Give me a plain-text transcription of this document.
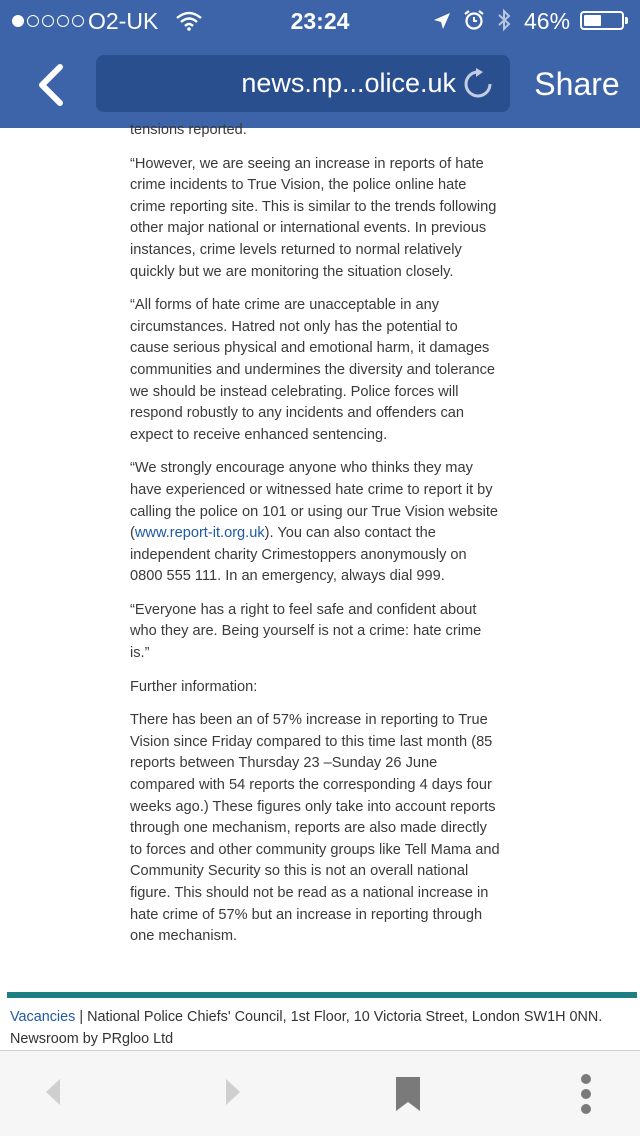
O2-UK	23:24	46%
news.np...olice.uk	Share

tensions reported.

“However, we are seeing an increase in reports of hate crime incidents to True Vision, the police online hate crime reporting site. This is similar to the trends following other major national or international events. In previous instances, crime levels returned to normal relatively quickly but we are monitoring the situation closely.

“All forms of hate crime are unacceptable in any circumstances. Hatred not only has the potential to cause serious physical and emotional harm, it damages communities and undermines the diversity and tolerance we should be instead celebrating. Police forces will respond robustly to any incidents and offenders can expect to receive enhanced sentencing.

“We strongly encourage anyone who thinks they may have experienced or witnessed hate crime to report it by calling the police on 101 or using our True Vision website (www.report-it.org.uk). You can also contact the independent charity Crimestoppers anonymously on 0800 555 111. In an emergency, always dial 999.

“Everyone has a right to feel safe and confident about who they are. Being yourself is not a crime: hate crime is.”

Further information:

There has been an of 57% increase in reporting to True Vision since Friday compared to this time last month (85 reports between Thursday 23 –Sunday 26 June compared with 54 reports the corresponding 4 days four weeks ago.) These figures only take into account reports through one mechanism, reports are also made directly to forces and other community groups like Tell Mama and Community Security so this is not an overall national figure. This should not be read as a national increase in hate crime of 57% but an increase in reporting through one mechanism.

Vacancies | National Police Chiefs' Council, 1st Floor, 10 Victoria Street, London SW1H 0NN.
Newsroom by PRgloo Ltd
